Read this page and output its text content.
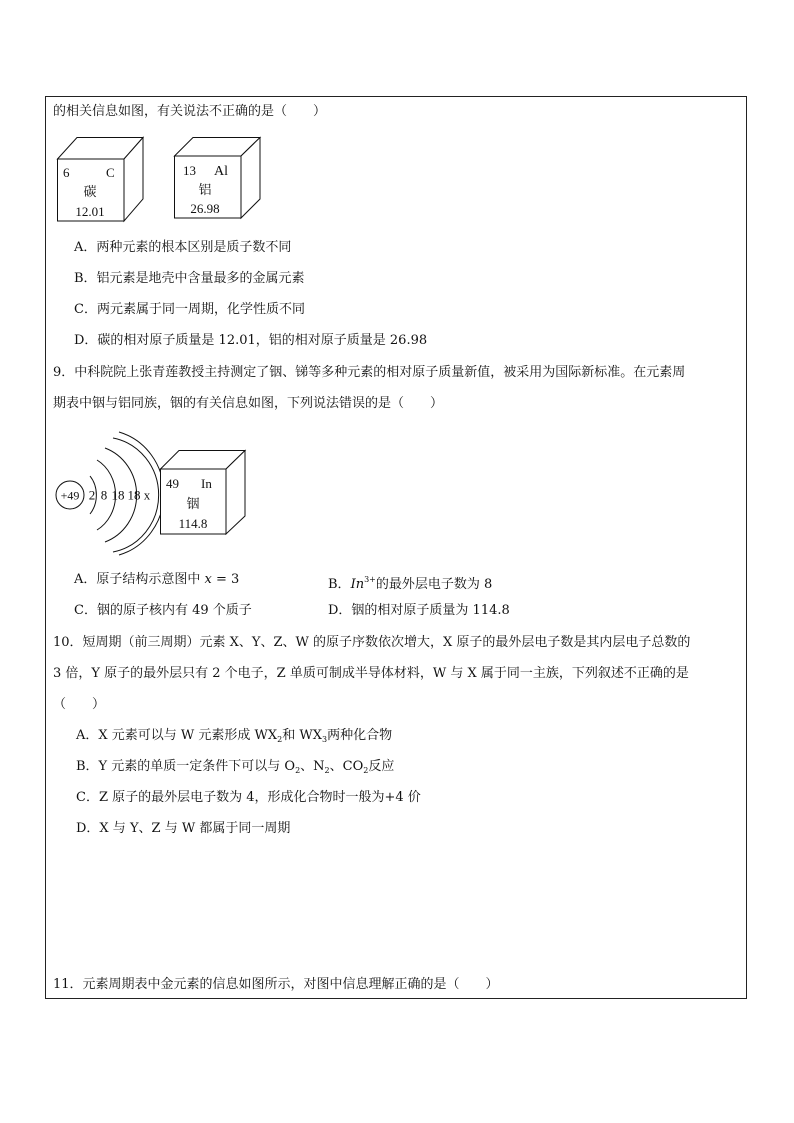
的相关信息如图，有关说法不正确的是（　　）
6	C
碳
12.01
13 Al
铝
26.98
A．两种元素的根本区别是质子数不同
B．铝元素是地壳中含量最多的金属元素
C．两元素属于同一周期，化学性质不同
D．碳的相对原子质量是 12.01，铝的相对原子质量是 26.98
9．中科院院上张青莲教授主持测定了铟、锑等多种元素的相对原子质量新值，被采用为国际新标准。在元素周
期表中铟与铝同族，铟的有关信息如图，下列说法错误的是（　　）
+49 2 8 18 18 x
49 In
铟
114.8
A．原子结构示意图中 x = 3	B．$In^{3+}$的最外层电子数为 8
C．铟的原子核内有 49 个质子	D．铟的相对原子质量为 114.8
10．短周期（前三周期）元素 X、Y、Z、W 的原子序数依次增大，X 原子的最外层电子数是其内层电子总数的
3 倍，Y 原子的最外层只有 2 个电子，Z 单质可制成半导体材料，W 与 X 属于同一主族，下列叙述不正确的是
（　　）
A．X 元素可以与 W 元素形成 $WX_2$和 $WX_3$两种化合物
B．Y 元素的单质一定条件下可以与 $O_2$、$N_2$、$CO_2$反应
C．Z 原子的最外层电子数为 4，形成化合物时一般为+4 价
D．X 与 Y、Z 与 W 都属于同一周期
11．元素周期表中金元素的信息如图所示，对图中信息理解正确的是（　　）
